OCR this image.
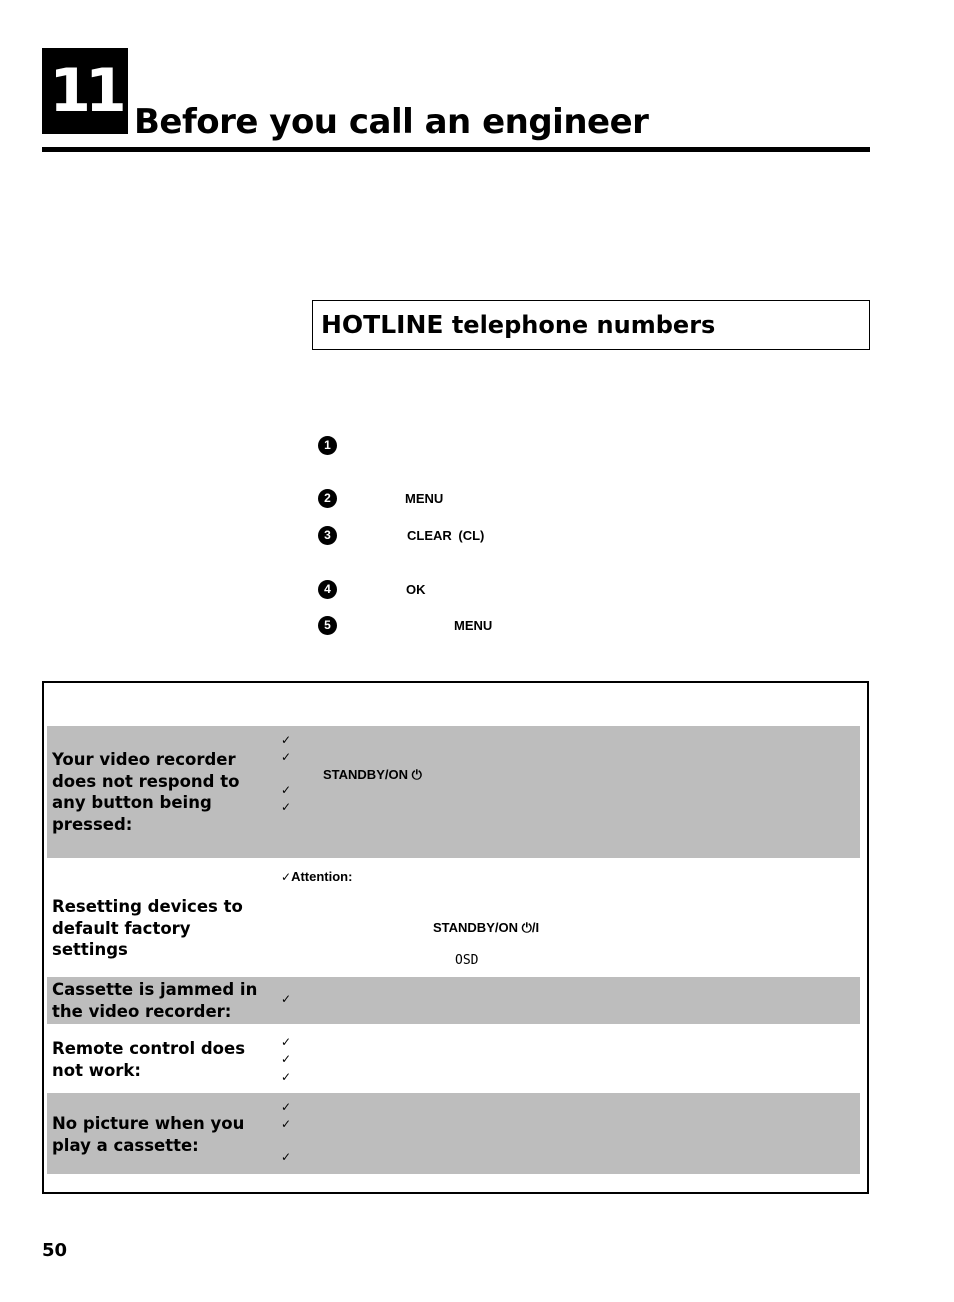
11 Before you call an engineer
HOTLINE telephone numbers
1
2	MENU
3	CLEAR (CL)
4	OK
5	MENU
Your video recorder does not respond to any button being pressed:
✓
✓
STANDBY/ON ⏻
✓
✓
Resetting devices to default factory settings
✓Attention:
STANDBY/ON ⏻/I
OSD
Cassette is jammed in the video recorder:
✓
Remote control does not work:
✓
✓
✓
No picture when you play a cassette:
✓
✓
✓
50
